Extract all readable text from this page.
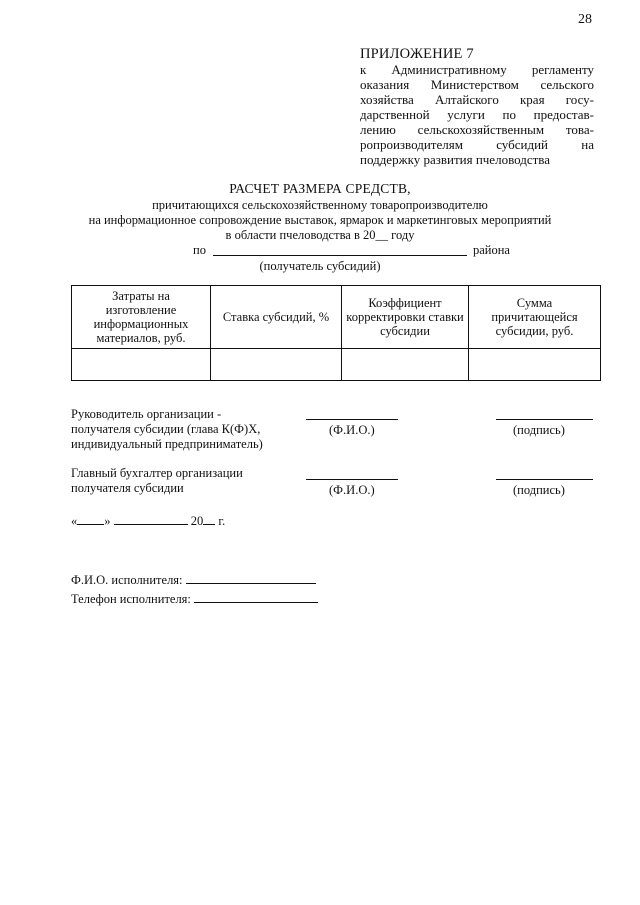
28
ПРИЛОЖЕНИЕ 7
к Административному регламенту
оказания Министерством сельского
хозяйства Алтайского края госу-
дарственной услуги по предостав-
лению сельскохозяйственным това-
ропроизводителям субсидий на
поддержку развития пчеловодства
РАСЧЕТ РАЗМЕРА СРЕДСТВ,
причитающихся сельскохозяйственному товаропроизводителю
на информационное сопровождение выставок, ярмарок и маркетинговых мероприятий
в области пчеловодства в 20__ году
по	района
(получатель субсидий)
Затраты на изготовление информационных материалов, руб.	Ставка субсидий, %	Коэффициент корректировки ставки субсидии	Сумма причитающейся субсидии, руб.

Руководитель организации -
получателя субсидии (глава К(Ф)Х,
индивидуальный предприниматель)
(Ф.И.О.)	(подпись)
Главный бухгалтер организации
получателя субсидии	(Ф.И.О.)	(подпись)
« »	20 г.
Ф.И.О. исполнителя:
Телефон исполнителя:
